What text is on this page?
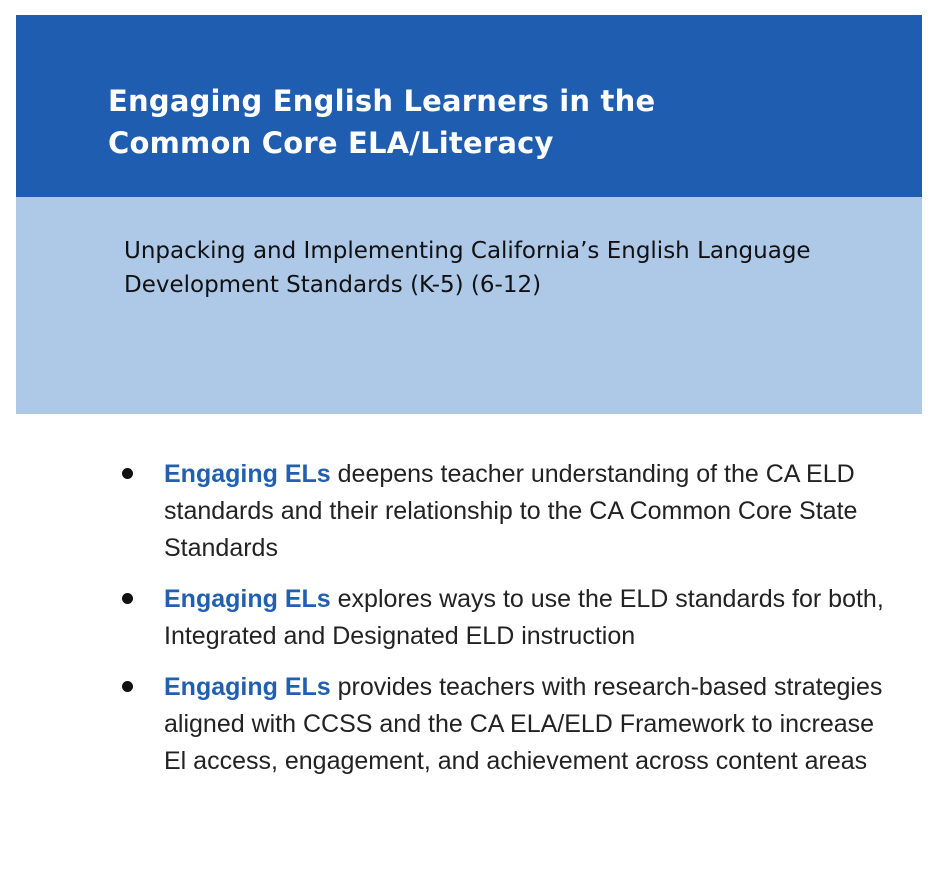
Engaging English Learners in the
Common Core ELA/Literacy

Unpacking and Implementing California’s English Language
Development Standards (K-5) (6-12)

Engaging ELs deepens teacher understanding of the CA ELD standards and their relationship to the CA Common Core State Standards
Engaging ELs explores ways to use the ELD standards for both, Integrated and Designated ELD instruction
Engaging ELs provides teachers with research-based strategies aligned with CCSS and the CA ELA/ELD Framework to increase El access, engagement, and achievement across content areas
